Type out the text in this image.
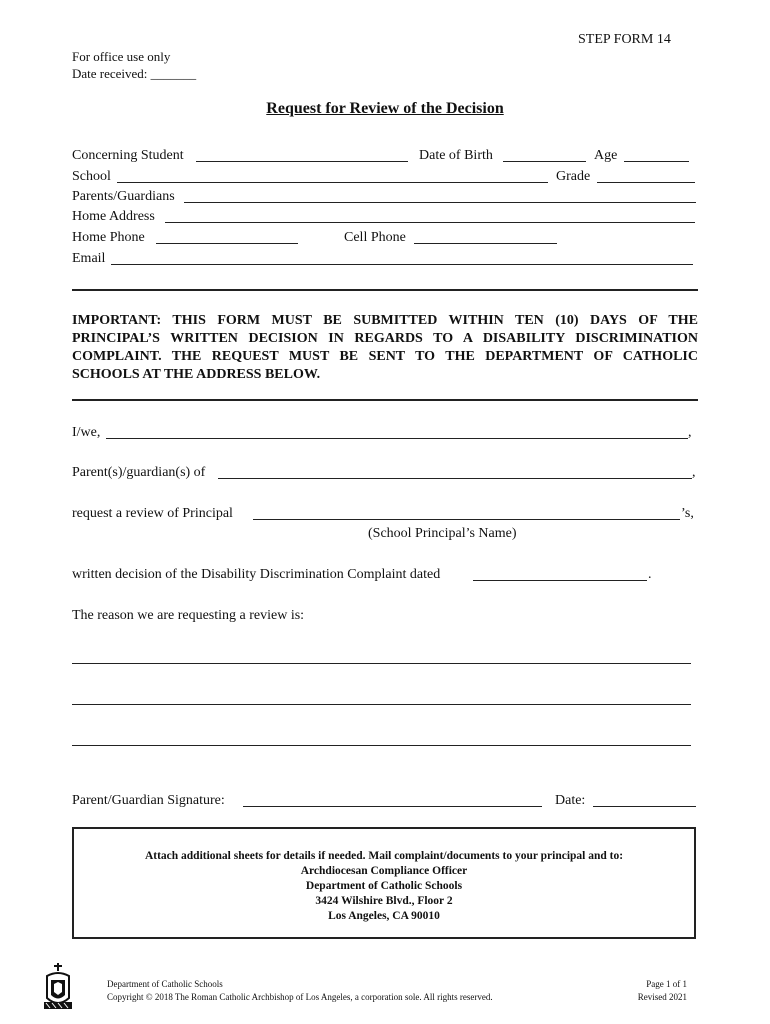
STEP FORM 14
For office use only
Date received: _______
Request for Review of the Decision
Concerning Student	Date of Birth	Age
School	Grade
Parents/Guardians
Home Address
Home Phone	Cell Phone
Email
IMPORTANT: THIS FORM MUST BE SUBMITTED WITHIN TEN (10) DAYS OF THE PRINCIPAL’S WRITTEN DECISION IN REGARDS TO A DISABILITY DISCRIMINATION COMPLAINT. THE REQUEST MUST BE SENT TO THE DEPARTMENT OF CATHOLIC SCHOOLS AT THE ADDRESS BELOW.
I/we,	,
Parent(s)/guardian(s) of	,
request a review of Principal	’s,
(School Principal’s Name)
written decision of the Disability Discrimination Complaint dated	.
The reason we are requesting a review is:
Parent/Guardian Signature:	Date:
Attach additional sheets for details if needed. Mail complaint/documents to your principal and to:
Archdiocesan Compliance Officer
Department of Catholic Schools
3424 Wilshire Blvd., Floor 2
Los Angeles, CA 90010
Department of Catholic Schools
Copyright © 2018 The Roman Catholic Archbishop of Los Angeles, a corporation sole. All rights reserved.
Page 1 of 1
Revised 2021
